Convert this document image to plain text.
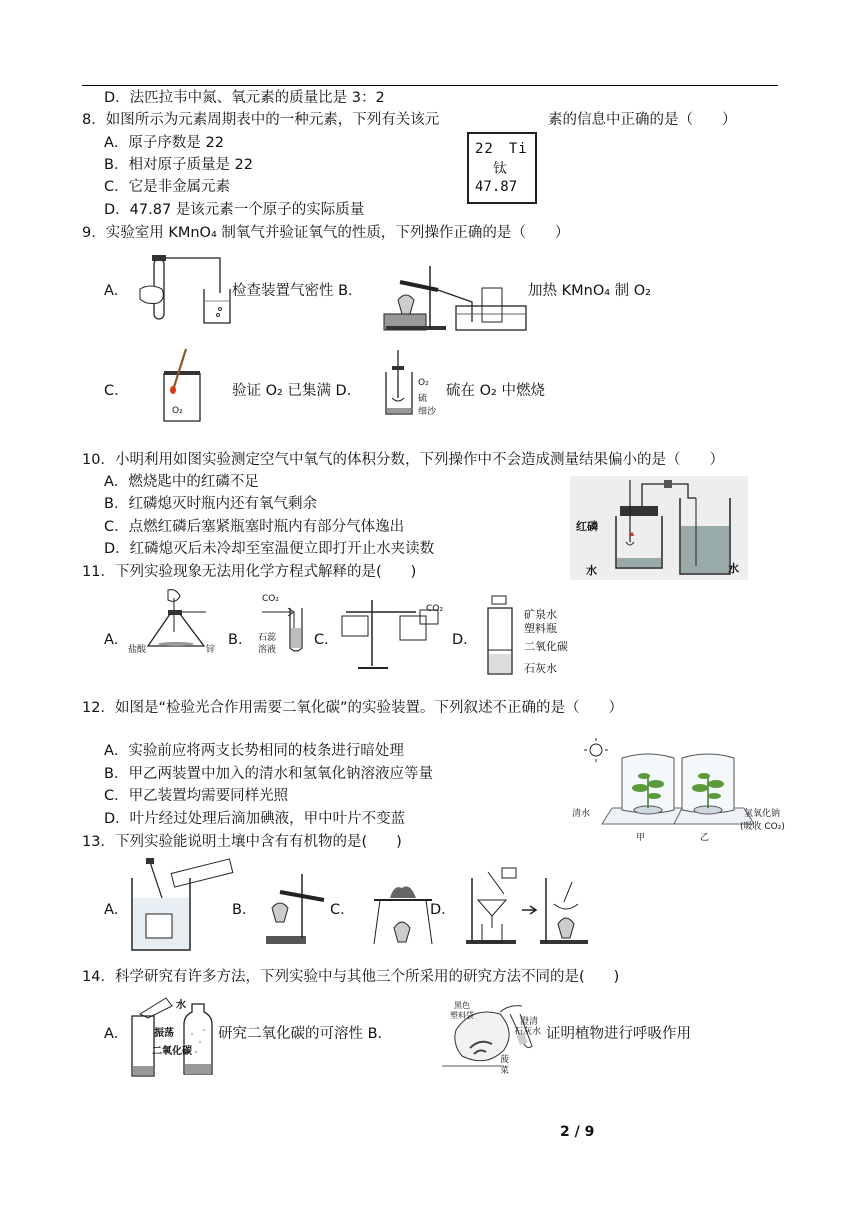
D．法匹拉韦中氮、氧元素的质量比是 3：2
8．如图所示为元素周期表中的一种元素，下列有关该元	素的信息中正确的是（　　）
A．原子序数是 22
B．相对原子质量是 22
C．它是非金属元素
D．47.87 是该元素一个原子的实际质量
22　Ti
钛
47.87
9．实验室用 KMnO₄ 制氧气并验证氧气的性质，下列操作正确的是（　　）
A．	检查装置气密性 B．	加热 KMnO₄ 制 O₂
C．
O₂
验证 O₂ 已集满 D．	O₂
硫
细沙
硫在 O₂ 中燃烧
10．小明利用如图实验测定空气中氧气的体积分数，下列操作中不会造成测量结果偏小的是（　　）
A．燃烧匙中的红磷不足
B．红磷熄灭时瓶内还有氧气剩余
C．点燃红磷后塞紧瓶塞时瓶内有部分气体逸出
D．红磷熄灭后未冷却至室温便立即打开止水夹读数
红磷
水	水
11．下列实验现象无法用化学方程式解释的是(　　)
A．
盐酸	锌
B．
CO₂
石蕊
溶液
C．
CO₂
D．
矿泉水
塑料瓶
二氧化碳
石灰水
12．如图是“检验光合作用需要二氧化碳”的实验装置。下列叙述不正确的是（　　）
A．实验前应将两支长势相同的枝条进行暗处理
B．甲乙两装置中加入的清水和氢氧化钠溶液应等量
C．甲乙装置均需要同样光照
D．叶片经过处理后滴加碘液，甲中叶片不变蓝	清水	氢氧化钠
(吸收 CO₂)
甲	乙
13．下列实验能说明土壤中含有有机物的是(　　)
A．	B．	C．	D．
14．科学研究有许多方法，下列实验中与其他三个所采用的研究方法不同的是(　　)
A．
水
振荡
二氧化碳
研究二氧化碳的可溶性 B．
黑色
塑料袋
澄清
石灰水
菠
菜
证明植物进行呼吸作用
2 / 9
